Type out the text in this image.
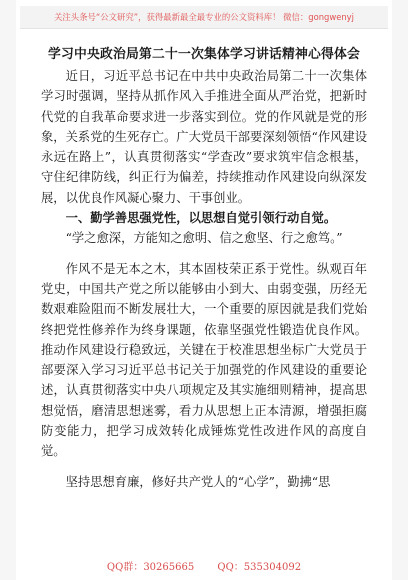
关注头条号“公文研究”，获得最新最全最专业的公文资料库！ 微信：gongwenyj
学习中央政治局第二十一次集体学习讲话精神心得体会

近日，习近平总书记在中共中央政治局第二十一次集体学习时强调，坚持从抓作风入手推进全面从严治党，把新时代党的自我革命要求进一步落实到位。党的作风就是党的形象，关系党的生死存亡。广大党员干部要深刻领悟“作风建设永远在路上”，认真贯彻落实“学查改”要求筑牢信念根基，守住纪律防线，纠正行为偏差，持续推动作风建设向纵深发展，以优良作风凝心聚力、干事创业。

一、勤学善思强党性，以思想自觉引领行动自觉。

“学之愈深，方能知之愈明、信之愈坚、行之愈笃。”

作风不是无本之木，其本固枝荣正系于党性。纵观百年党史，中国共产党之所以能够由小到大、由弱变强，历经无数艰难险阻而不断发展壮大，一个重要的原因就是我们党始终把党性修养作为终身课题，依靠坚强党性锻造优良作风。推动作风建设行稳致远，关键在于校准思想坐标广大党员于部要深入学习习近平总书记关于加强党的作风建设的重要论述，认真贯彻落实中央八项规定及其实施细则精神，提高思想觉悟，磨清思想迷雾，看力从思想上正本清源，增强拒腐防变能力，把学习成效转化成锤炼党性改进作风的高度自觉。

坚持思想育廉，修好共产党人的“心学”，勤拂“思

QQ群：30265665 QQ：535304092
